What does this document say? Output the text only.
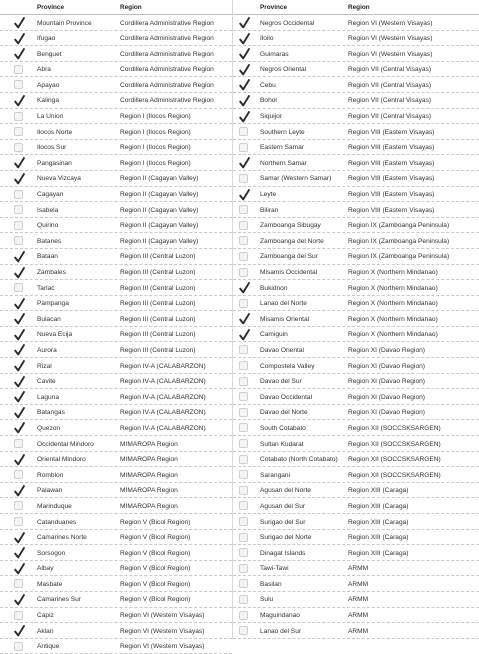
Province	Region
Mountain Province	Cordillera Administrative Region
Ifugao	Cordillera Administrative Region
Benguet	Cordillera Administrative Region
Abra	Cordillera Administrative Region
Apayao	Cordillera Administrative Region
Kalinga	Cordillera Administrative Region
La Union	Region I (Ilocos Region)
Ilocos Norte	Region I (Ilocos Region)
Ilocos Sur	Region I (Ilocos Region)
Pangasinan	Region I (Ilocos Region)
Nueva Vizcaya	Region II (Cagayan Valley)
Cagayan	Region II (Cagayan Valley)
Isabela	Region II (Cagayan Valley)
Quirino	Region II (Cagayan Valley)
Batanes	Region II (Cagayan Valley)
Bataan	Region III (Central Luzon)
Zambales	Region III (Central Luzon)
Tarlac	Region III (Central Luzon)
Pampanga	Region III (Central Luzon)
Bulacan	Region III (Central Luzon)
Nueva Ecija	Region III (Central Luzon)
Aurora	Region III (Central Luzon)
Rizal	Region IV-A (CALABARZON)
Cavite	Region IV-A (CALABARZON)
Laguna	Region IV-A (CALABARZON)
Batangas	Region IV-A (CALABARZON)
Quezon	Region IV-A (CALABARZON)
Occidental Mindoro	MIMAROPA Region
Oriental Mindoro	MIMAROPA Region
Romblon	MIMAROPA Region
Palawan	MIMAROPA Region
Marinduque	MIMAROPA Region
Catanduanes	Region V (Bicol Region)
Camarines Norte	Region V (Bicol Region)
Sorsogon	Region V (Bicol Region)
Albay	Region V (Bicol Region)
Masbate	Region V (Bicol Region)
Camarines Sur	Region V (Bicol Region)
Capiz	Region VI (Western Visayas)
Aklan	Region VI (Western Visayas)
Antique	Region VI (Western Visayas)
Province	Region
Negros Occidental	Region VI (Western Visayas)
Iloilo	Region VI (Western Visayas)
Guimaras	Region VI (Western Visayas)
Negros Oriental	Region VII (Central Visayas)
Cebu	Region VII (Central Visayas)
Bohol	Region VII (Central Visayas)
Siquijor	Region VII (Central Visayas)
Southern Leyte	Region VIII (Eastern Visayas)
Eastern Samar	Region VIII (Eastern Visayas)
Northern Samar	Region VIII (Eastern Visayas)
Samar (Western Samar)	Region VIII (Eastern Visayas)
Leyte	Region VIII (Eastern Visayas)
Biliran	Region VIII (Eastern Visayas)
Zamboanga Sibugay	Region IX (Zamboanga Peninsula)
Zamboanga del Norte	Region IX (Zamboanga Peninsula)
Zamboanga del Sur	Region IX (Zamboanga Peninsula)
Misamis Occidental	Region X (Northern Mindanao)
Bukidnon	Region X (Northern Mindanao)
Lanao del Norte	Region X (Northern Mindanao)
Misamis Oriental	Region X (Northern Mindanao)
Camiguin	Region X (Northern Mindanao)
Davao Oriental	Region XI (Davao Region)
Compostela Valley	Region XI (Davao Region)
Davao del Sur	Region XI (Davao Region)
Davao Occidental	Region XI (Davao Region)
Davao del Norte	Region XI (Davao Region)
South Cotabato	Region XII (SOCCSKSARGEN)
Sultan Kudarat	Region XII (SOCCSKSARGEN)
Cotabato (North Cotabato) Region XII (SOCCSKSARGEN)
Sarangani	Region XII (SOCCSKSARGEN)
Agusan del Norte	Region XIII (Caraga)
Agusan del Sur	Region XIII (Caraga)
Surigao del Sur	Region XIII (Caraga)
Surigao del Norte	Region XIII (Caraga)
Dinagat Islands	Region XIII (Caraga)
Tawi-Tawi	ARMM
Basilan	ARMM
Sulu	ARMM
Maguindanao	ARMM
Lanao del Sur	ARMM
